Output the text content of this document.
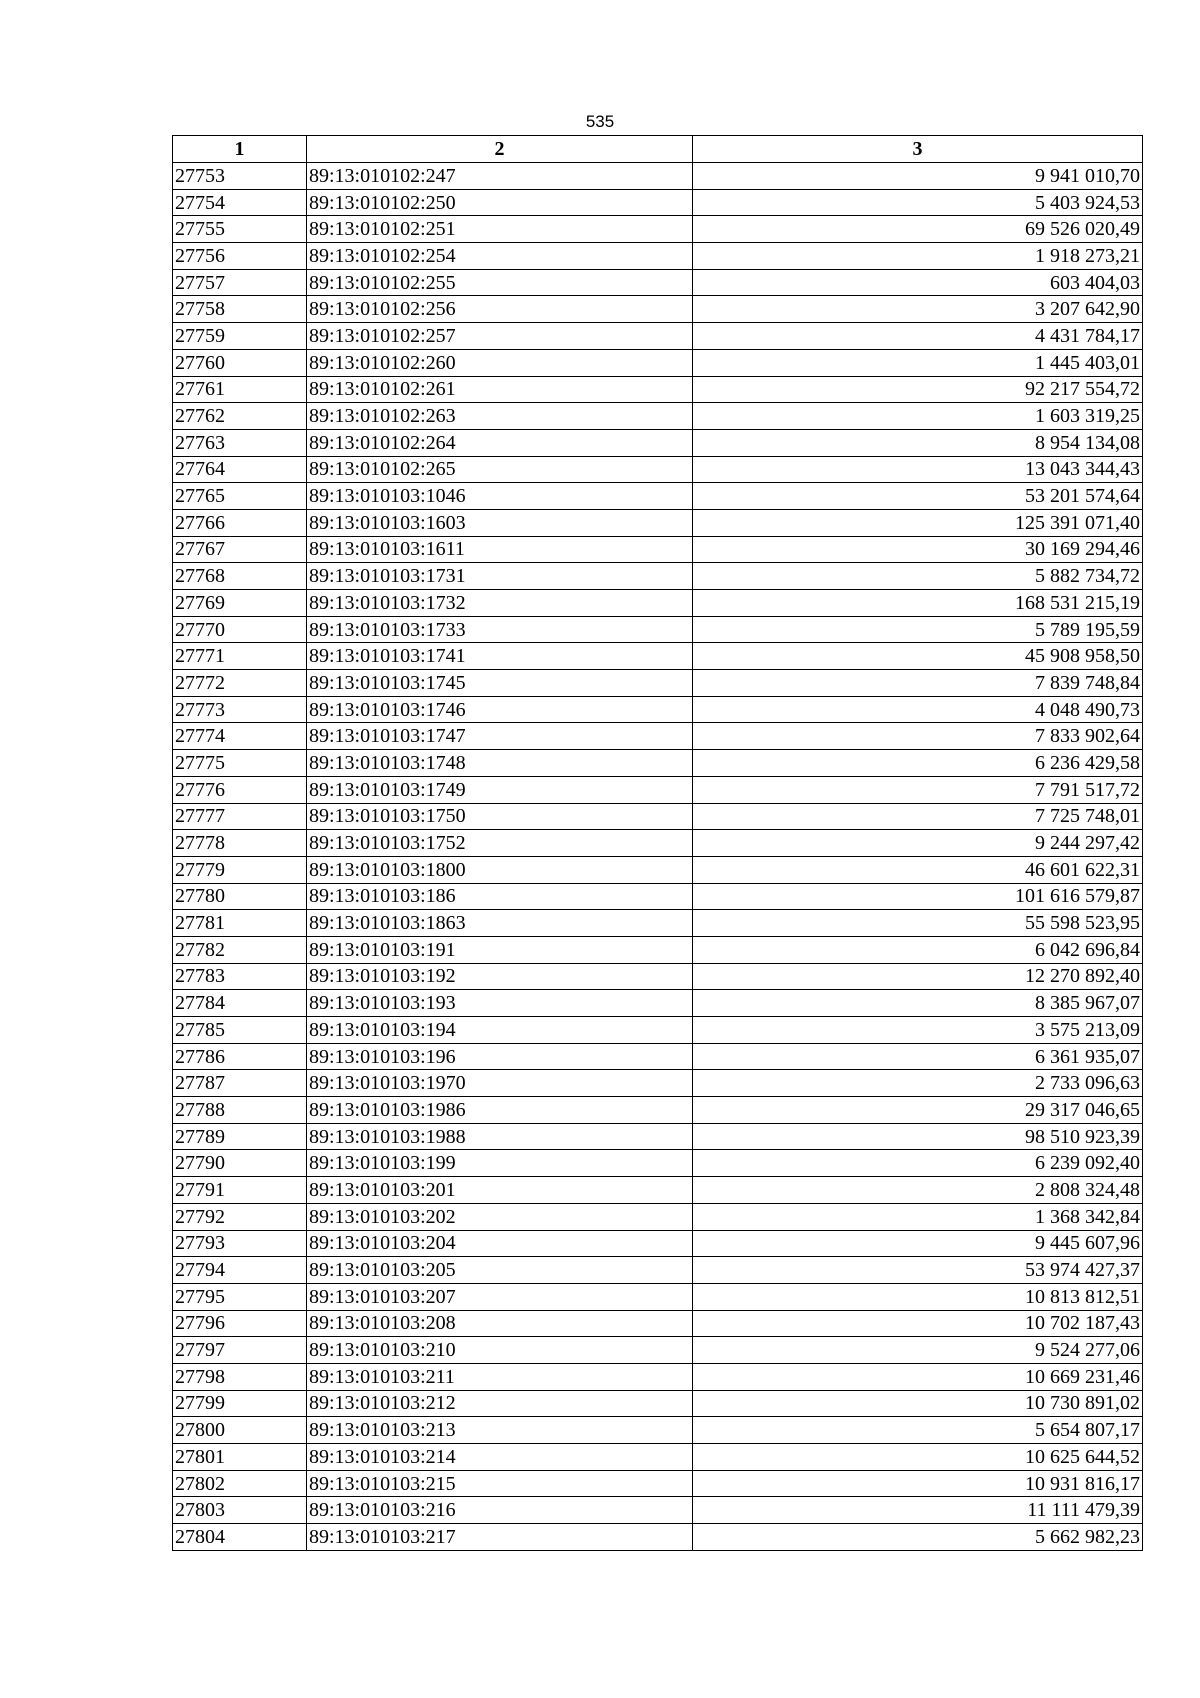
535
1	2	3
27753	89:13:010102:247	9 941 010,70
27754	89:13:010102:250	5 403 924,53
27755	89:13:010102:251	69 526 020,49
27756	89:13:010102:254	1 918 273,21
27757	89:13:010102:255	603 404,03
27758	89:13:010102:256	3 207 642,90
27759	89:13:010102:257	4 431 784,17
27760	89:13:010102:260	1 445 403,01
27761	89:13:010102:261	92 217 554,72
27762	89:13:010102:263	1 603 319,25
27763	89:13:010102:264	8 954 134,08
27764	89:13:010102:265	13 043 344,43
27765	89:13:010103:1046	53 201 574,64
27766	89:13:010103:1603	125 391 071,40
27767	89:13:010103:1611	30 169 294,46
27768	89:13:010103:1731	5 882 734,72
27769	89:13:010103:1732	168 531 215,19
27770	89:13:010103:1733	5 789 195,59
27771	89:13:010103:1741	45 908 958,50
27772	89:13:010103:1745	7 839 748,84
27773	89:13:010103:1746	4 048 490,73
27774	89:13:010103:1747	7 833 902,64
27775	89:13:010103:1748	6 236 429,58
27776	89:13:010103:1749	7 791 517,72
27777	89:13:010103:1750	7 725 748,01
27778	89:13:010103:1752	9 244 297,42
27779	89:13:010103:1800	46 601 622,31
27780	89:13:010103:186	101 616 579,87
27781	89:13:010103:1863	55 598 523,95
27782	89:13:010103:191	6 042 696,84
27783	89:13:010103:192	12 270 892,40
27784	89:13:010103:193	8 385 967,07
27785	89:13:010103:194	3 575 213,09
27786	89:13:010103:196	6 361 935,07
27787	89:13:010103:1970	2 733 096,63
27788	89:13:010103:1986	29 317 046,65
27789	89:13:010103:1988	98 510 923,39
27790	89:13:010103:199	6 239 092,40
27791	89:13:010103:201	2 808 324,48
27792	89:13:010103:202	1 368 342,84
27793	89:13:010103:204	9 445 607,96
27794	89:13:010103:205	53 974 427,37
27795	89:13:010103:207	10 813 812,51
27796	89:13:010103:208	10 702 187,43
27797	89:13:010103:210	9 524 277,06
27798	89:13:010103:211	10 669 231,46
27799	89:13:010103:212	10 730 891,02
27800	89:13:010103:213	5 654 807,17
27801	89:13:010103:214	10 625 644,52
27802	89:13:010103:215	10 931 816,17
27803	89:13:010103:216	11 111 479,39
27804	89:13:010103:217	5 662 982,23
